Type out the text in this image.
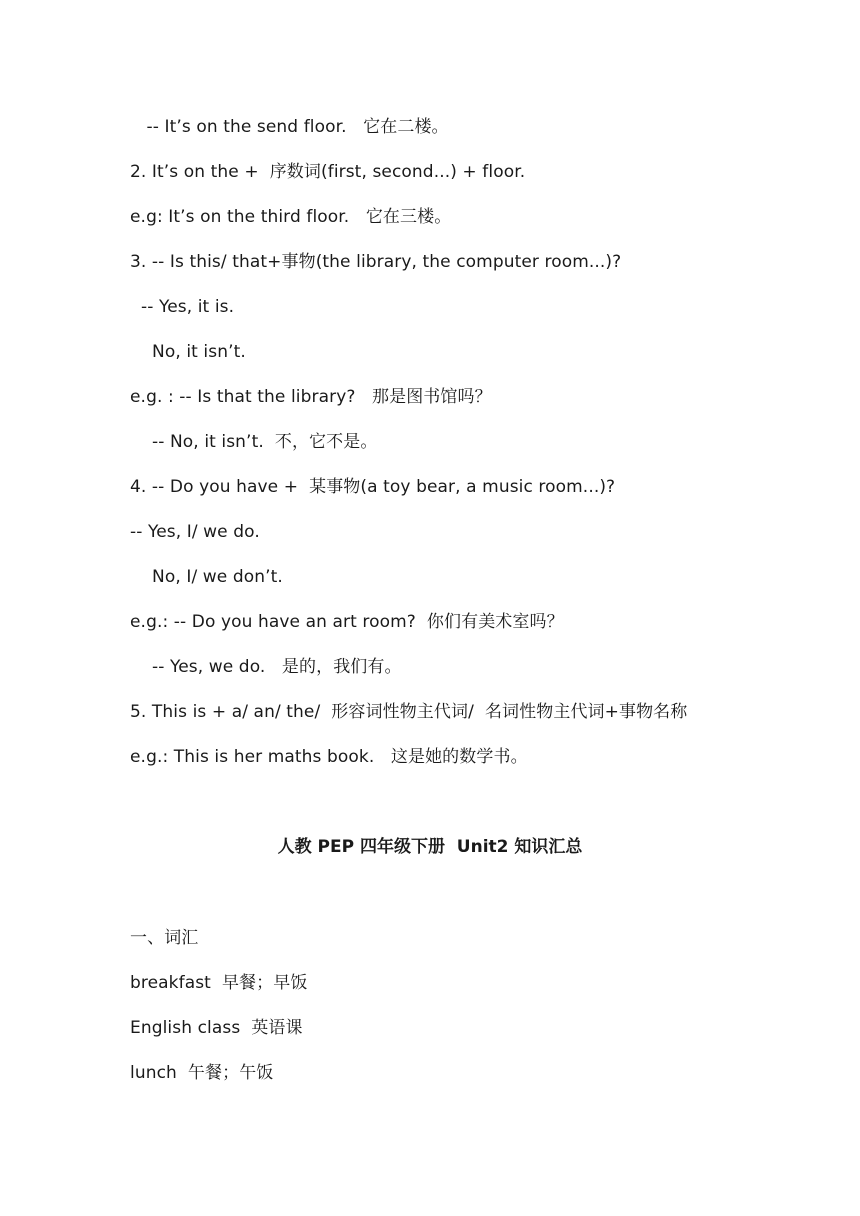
-- It’s on the send floor.   它在二楼。
2. It’s on the +  序数词(first, second...) + floor.
e.g: It’s on the third floor.   它在三楼。
3. -- Is this/ that+事物(the library, the computer room...)?
-- Yes, it is.
No, it isn’t.
e.g. : -- Is that the library?   那是图书馆吗？
-- No, it isn’t.  不，它不是。
4. -- Do you have +  某事物(a toy bear, a music room...)?
-- Yes, I/ we do.
No, I/ we don’t.
e.g.: -- Do you have an art room?  你们有美术室吗？
-- Yes, we do.   是的，我们有。
5. This is + a/ an/ the/  形容词性物主代词/  名词性物主代词+事物名称
e.g.: This is her maths book.   这是她的数学书。
人教 PEP 四年级下册  Unit2 知识汇总
一、词汇
breakfast  早餐；早饭
English class  英语课
lunch  午餐；午饭
